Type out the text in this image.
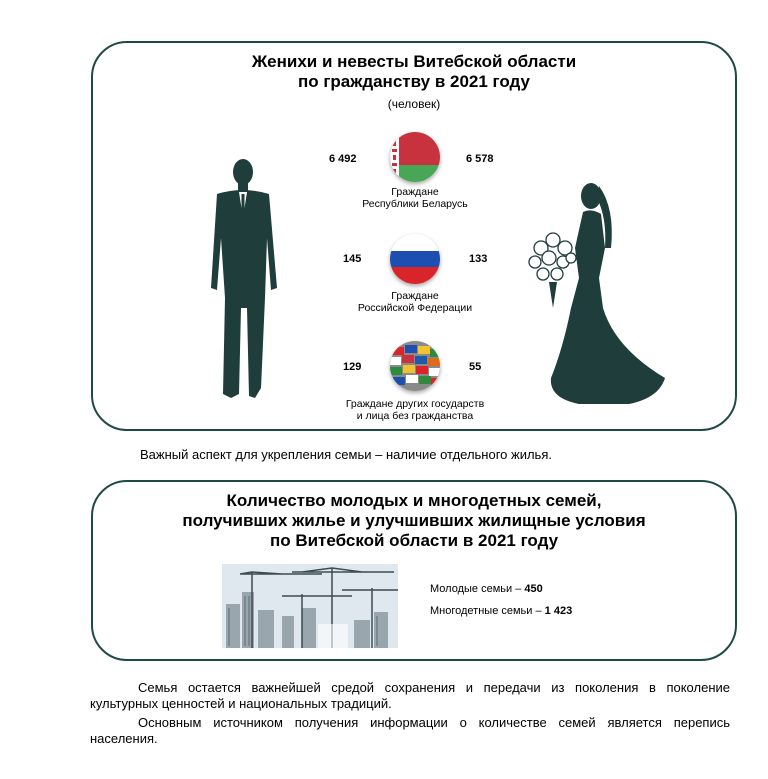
Женихи и невесты Витебской области
по гражданству в 2021 году
(человек)
6 492	6 578
Граждане
Республики Беларусь
145	133
Граждане
Российской Федерации
129	55
Граждане других государств
и лица без гражданства
Важный аспект для укрепления семьи – наличие отдельного жилья.
Количество молодых и многодетных семей,
получивших жилье и улучшивших жилищные условия
по Витебской области в 2021 году
Молодые семьи – 450
Многодетные семьи – 1 423
Семья остается важнейшей средой сохранения и передачи из поколения в поколение культурных ценностей и национальных традиций.
Основным источником получения информации о количестве семей является перепись населения.
